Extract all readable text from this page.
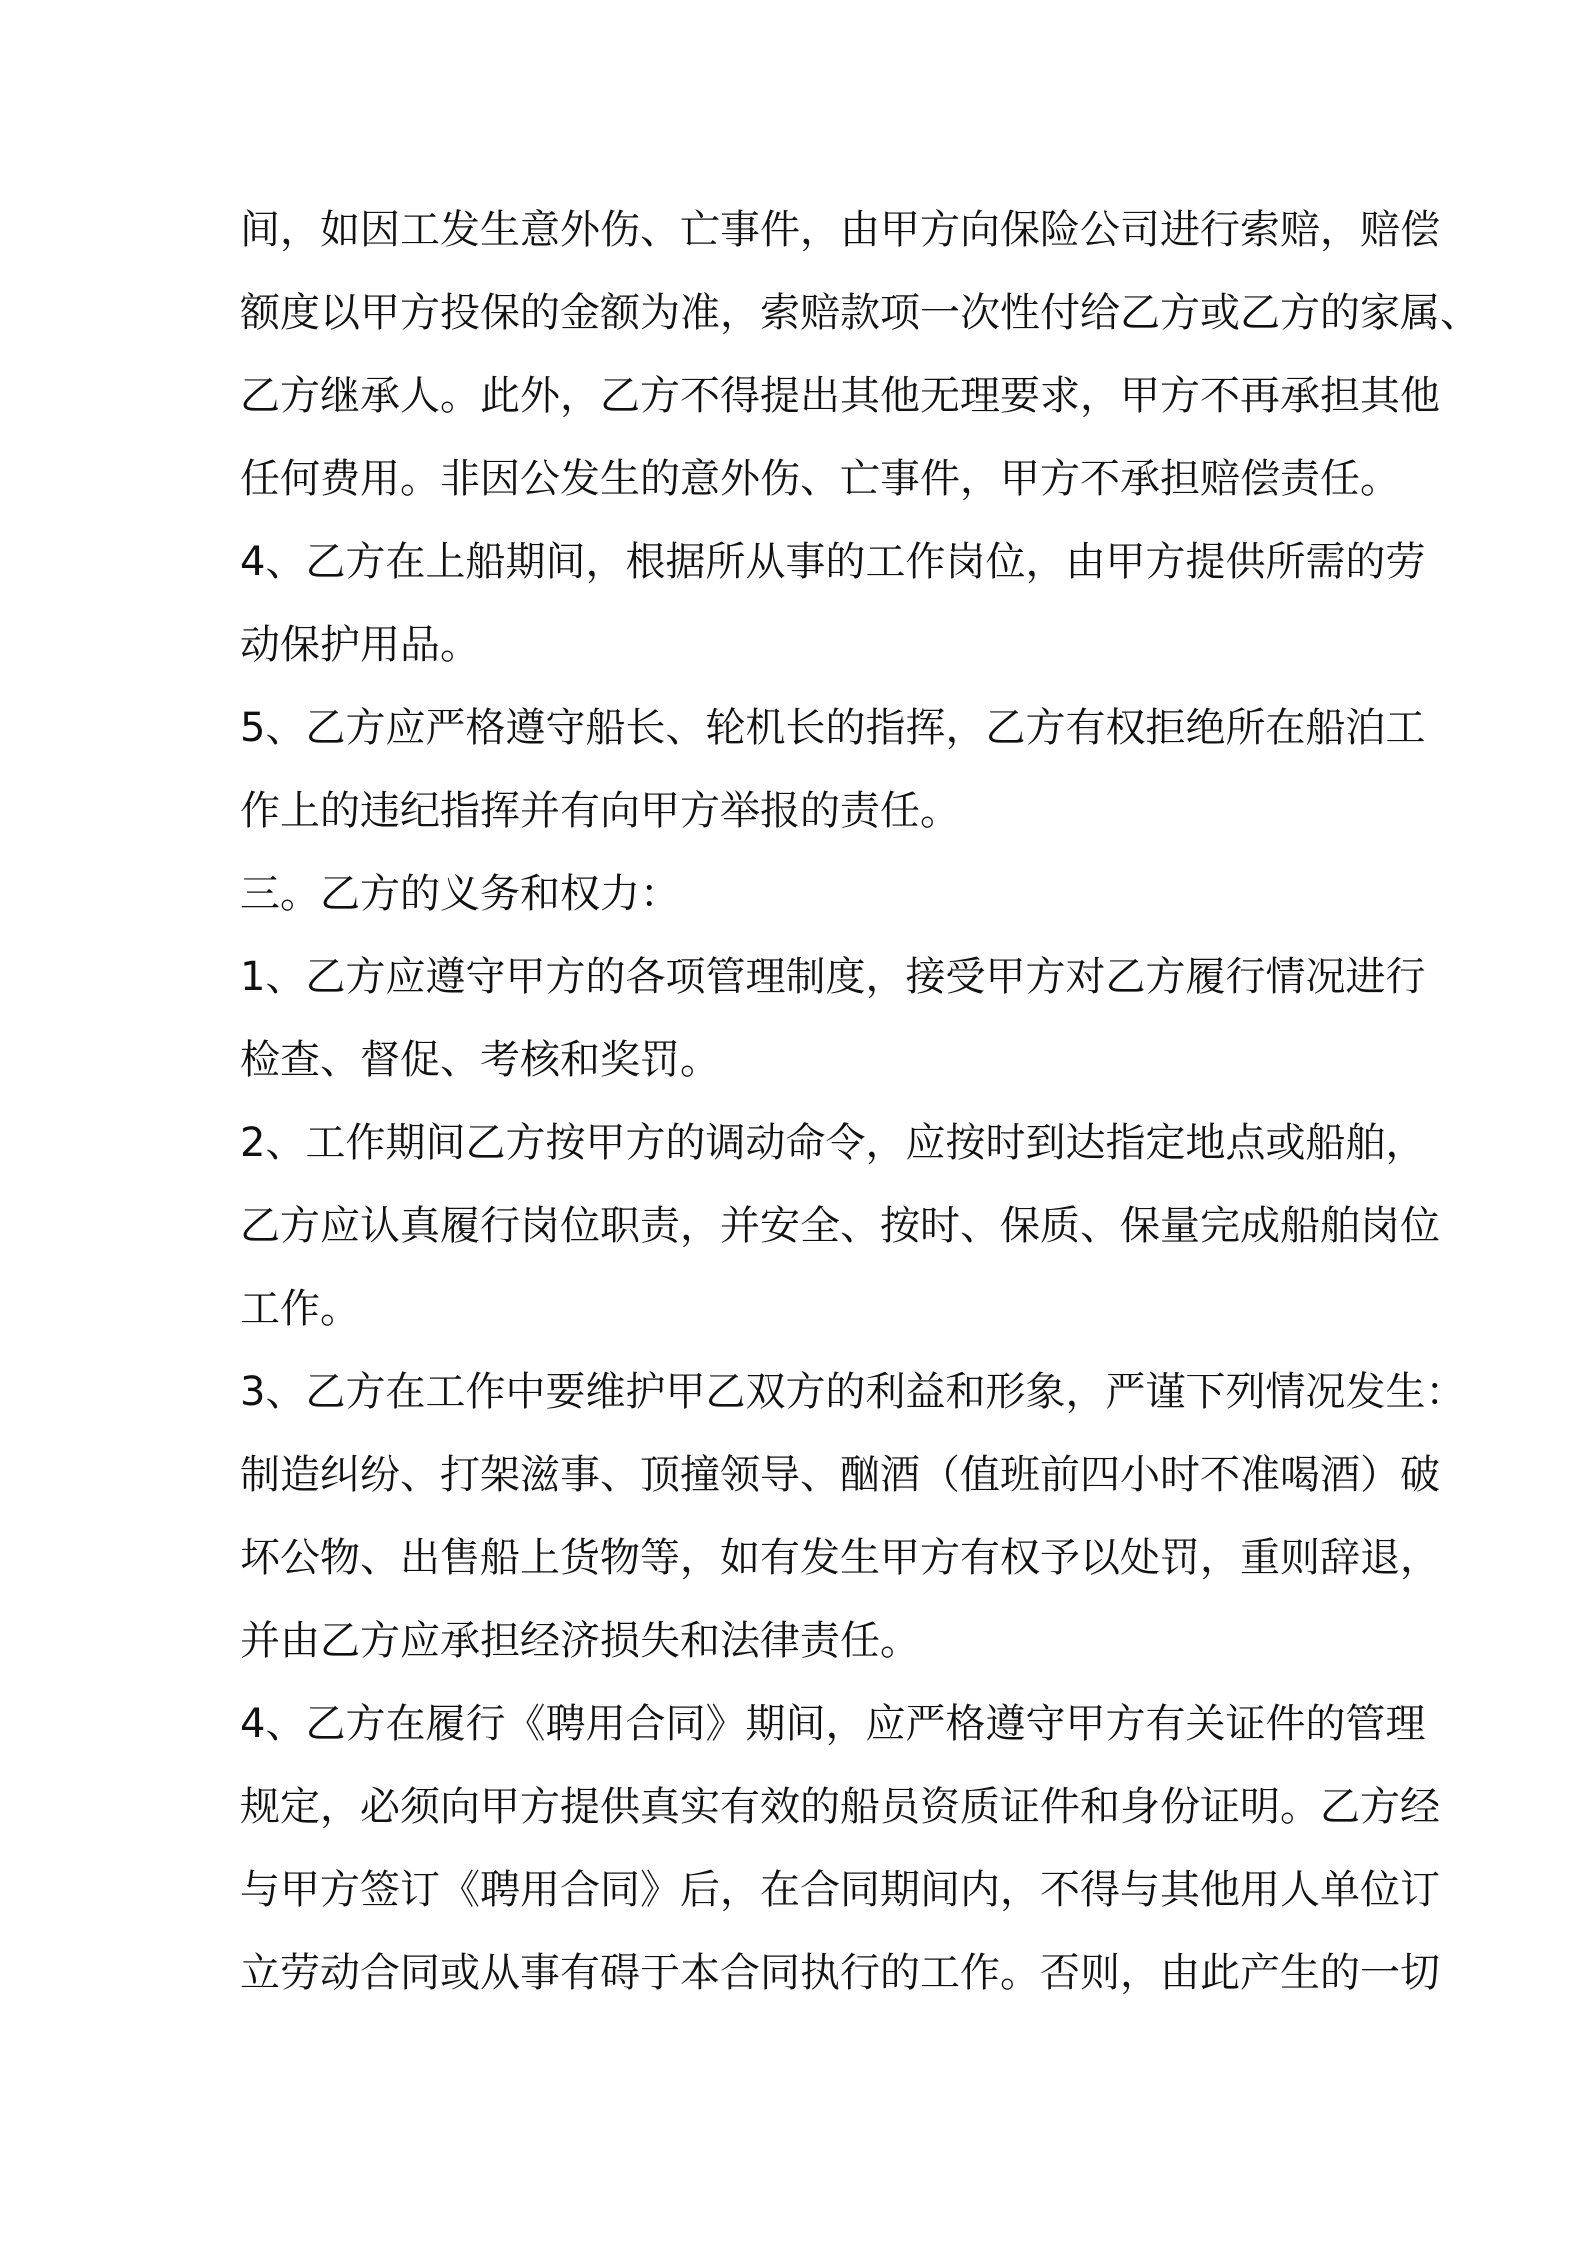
间，如因工发生意外伤、亡事件，由甲方向保险公司进行索赔，赔偿
额度以甲方投保的金额为准，索赔款项一次性付给乙方或乙方的家属、
乙方继承人。此外，乙方不得提出其他无理要求，甲方不再承担其他
任何费用。非因公发生的意外伤、亡事件，甲方不承担赔偿责任。
4、乙方在上船期间，根据所从事的工作岗位，由甲方提供所需的劳
动保护用品。
5、乙方应严格遵守船长、轮机长的指挥，乙方有权拒绝所在船泊工
作上的违纪指挥并有向甲方举报的责任。
三。乙方的义务和权力：
1、乙方应遵守甲方的各项管理制度，接受甲方对乙方履行情况进行
检查、督促、考核和奖罚。
2、工作期间乙方按甲方的调动命令，应按时到达指定地点或船舶，
乙方应认真履行岗位职责，并安全、按时、保质、保量完成船舶岗位
工作。
3、乙方在工作中要维护甲乙双方的利益和形象，严谨下列情况发生：
制造纠纷、打架滋事、顶撞领导、酗酒（值班前四小时不准喝酒）破
坏公物、出售船上货物等，如有发生甲方有权予以处罚，重则辞退，
并由乙方应承担经济损失和法律责任。
4、乙方在履行《聘用合同》期间，应严格遵守甲方有关证件的管理
规定，必须向甲方提供真实有效的船员资质证件和身份证明。乙方经
与甲方签订《聘用合同》后，在合同期间内，不得与其他用人单位订
立劳动合同或从事有碍于本合同执行的工作。否则，由此产生的一切
